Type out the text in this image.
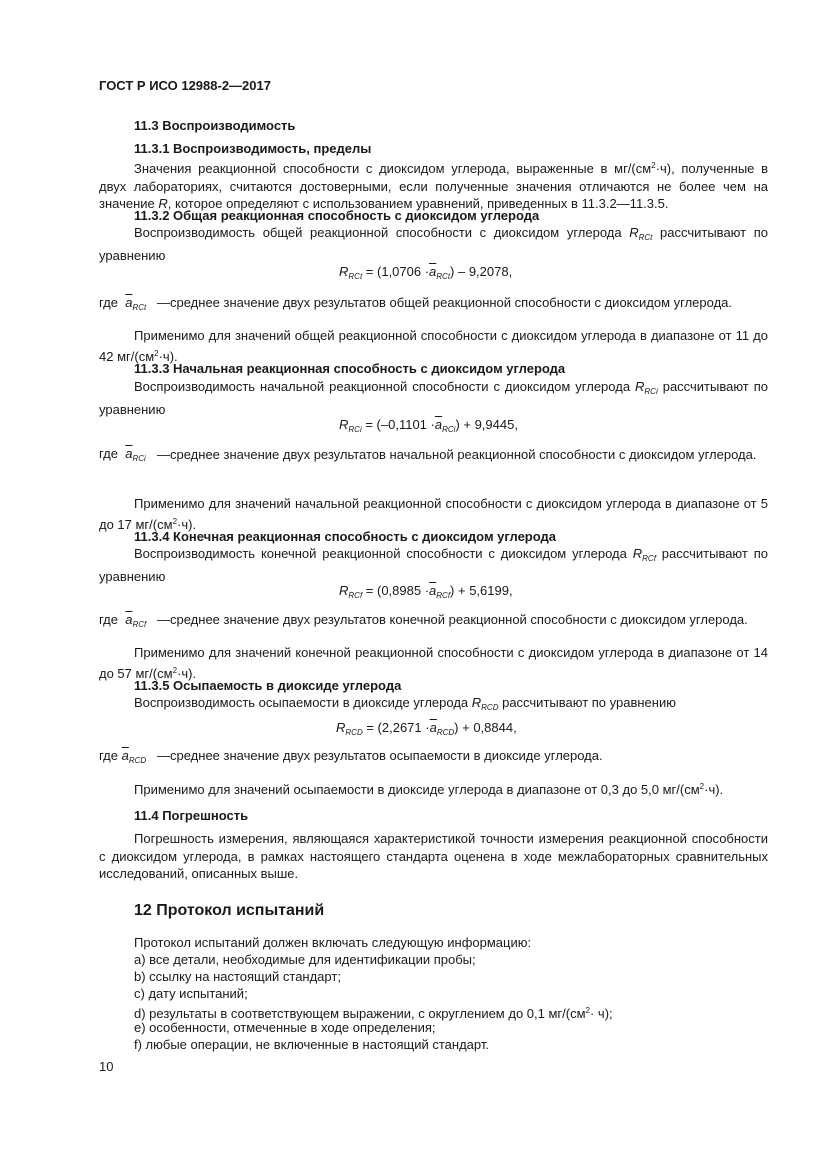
ГОСТ Р ИСО 12988-2—2017
11.3 Воспроизводимость
11.3.1 Воспроизводимость, пределы
Значения реакционной способности с диоксидом углерода, выраженные в $мг/(см^2\cdot ч)$, полученные в двух лабораториях, считаются достоверными, если полученные значения отличаются не более чем на значение R, которое определяют с использованием уравнений, приведенных в 11.3.2—11.3.5.
11.3.2 Общая реакционная способность с диоксидом углерода
Воспроизводимость общей реакционной способности с диоксидом углерода $R_{RCt}$ рассчитывают по уравнению
$R_{RCt} = (1,0706 \cdot\overline{a}_{RCt}) - 9,2078$,
где $\overline{a}_{RCt}$ —среднее значение двух результатов общей реакционной способности с диоксидом углерода.
Применимо для значений общей реакционной способности с диоксидом углерода в диапазоне от 11 до 42 $мг/(см^2\cdot ч)$.
11.3.3 Начальная реакционная способность с диоксидом углерода
Воспроизводимость начальной реакционной способности с диоксидом углерода $R_{RCi}$ рассчитывают по уравнению
$R_{RCi} = (-0,1101 \cdot\overline{a}_{RCi}) + 9,9445$,
где $\overline{a}_{RCi}$ —среднее значение двух результатов начальной реакционной способности с диоксидом углерода.
Применимо для значений начальной реакционной способности с диоксидом углерода в диапазоне от 5 до 17 $мг/(см^2\cdot ч)$.
11.3.4 Конечная реакционная способность с диоксидом углерода
Воспроизводимость конечной реакционной способности с диоксидом углерода $R_{RCf}$ рассчитывают по уравнению
$R_{RCf} = (0,8985 \cdot\overline{a}_{RCf}) + 5,6199$,
где $\overline{a}_{RCf}$ —среднее значение двух результатов конечной реакционной способности с диоксидом углерода.
Применимо для значений конечной реакционной способности с диоксидом углерода в диапазоне от 14 до 57 $мг/(см^2\cdot ч)$.
11.3.5 Осыпаемость в диоксиде углерода
Воспроизводимость осыпаемости в диоксиде углерода $R_{RCD}$ рассчитывают по уравнению
$R_{RCD} = (2,2671 \cdot\overline{a}_{RCD}) + 0,8844$,
где $\overline{a}_{RCD}$ —среднее значение двух результатов осыпаемости в диоксиде углерода.
Применимо для значений осыпаемости в диоксиде углерода в диапазоне от 0,3 до 5,0 $мг/(см^2\cdot ч)$.
11.4 Погрешность
Погрешность измерения, являющаяся характеристикой точности измерения реакционной способности с диоксидом углерода, в рамках настоящего стандарта оценена в ходе межлабораторных сравнительных исследований, описанных выше.
12 Протокол испытаний
Протокол испытаний должен включать следующую информацию:
a) все детали, необходимые для идентификации пробы;
b) ссылку на настоящий стандарт;
c) дату испытаний;
d) результаты в соответствующем выражении, с округлением до 0,1 $мг/(см^2\cdot ч)$;
e) особенности, отмеченные в ходе определения;
f) любые операции, не включенные в настоящий стандарт.
10
